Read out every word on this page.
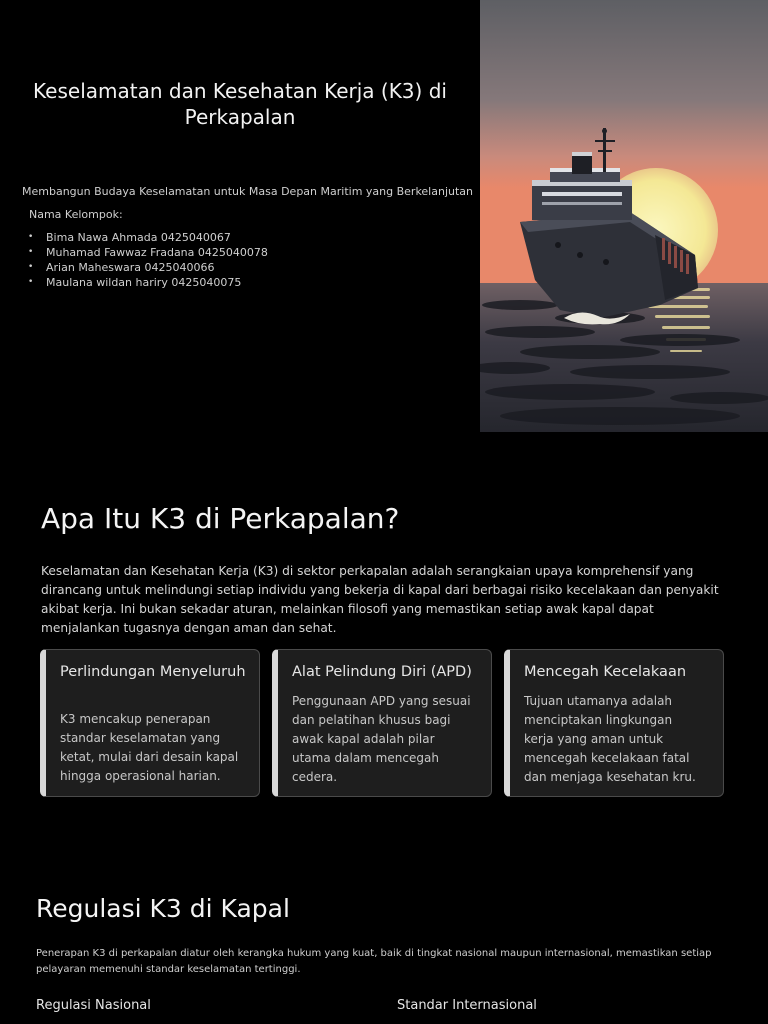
Keselamatan dan Kesehatan Kerja (K3) di Perkapalan
Membangun Budaya Keselamatan untuk Masa Depan Maritim yang Berkelanjutan
Nama Kelompok:
• Bima Nawa Ahmada 0425040067
• Muhamad Fawwaz Fradana 0425040078
• Arian Maheswara 0425040066
• Maulana wildan hariry 0425040075
Apa Itu K3 di Perkapalan?
Keselamatan dan Kesehatan Kerja (K3) di sektor perkapalan adalah serangkaian upaya komprehensif yang dirancang untuk melindungi setiap individu yang bekerja di kapal dari berbagai risiko kecelakaan dan penyakit akibat kerja. Ini bukan sekadar aturan, melainkan filosofi yang memastikan setiap awak kapal dapat menjalankan tugasnya dengan aman dan sehat.
Perlindungan Menyeluruh
K3 mencakup penerapan standar keselamatan yang ketat, mulai dari desain kapal hingga operasional harian.
Alat Pelindung Diri (APD)
Penggunaan APD yang sesuai dan pelatihan khusus bagi awak kapal adalah pilar utama dalam mencegah cedera.
Mencegah Kecelakaan
Tujuan utamanya adalah menciptakan lingkungan kerja yang aman untuk mencegah kecelakaan fatal dan menjaga kesehatan kru.
Regulasi K3 di Kapal
Penerapan K3 di perkapalan diatur oleh kerangka hukum yang kuat, baik di tingkat nasional maupun internasional, memastikan setiap pelayaran memenuhi standar keselamatan tertinggi.
Regulasi Nasional	Standar Internasional
